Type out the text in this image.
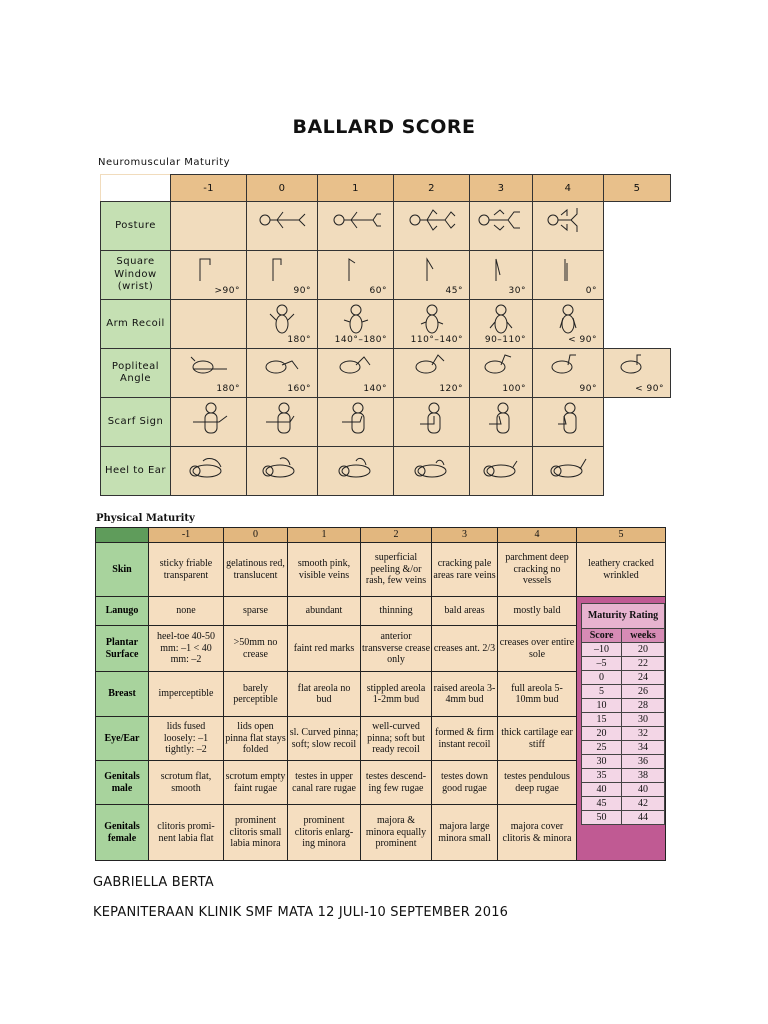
BALLARD SCORE
Neuromuscular Maturity
	-1	0	1	2	3	4	5
Posture		

Square Window (wrist)	>90°	90°	60°	45°	30°	0°	

Arm Recoil		180°	140°–180°	110°–140°	90–110°	< 90°	

Popliteal Angle	180°	160°	140°	120°	100°	90°	< 90°

Scarf Sign	

Heel to Ear	

Physical Maturity
	-1	0	1	2	3	4	5
Skin	sticky friable transparent	gelatinous red, translucent	smooth pink, visible veins	superficial peeling &/or rash, few veins	cracking pale areas rare veins	parchment deep cracking no vessels	leathery cracked wrinkled
Lanugo	none	sparse	abundant	thinning	bald areas	mostly bald		Maturity Rating
Score	weeks
–10	20
–5	22
0	24
5	26
10	28
15	30
20	32
25	34
30	36
35	38
40	40
45	42
50	44

Plantar Surface	heel-toe 40-50 mm: –1 < 40 mm: –2	>50mm no crease	faint red marks	anterior transverse crease only	creases ant. 2/3	creases over entire sole
Breast	imperceptible	barely perceptible	flat areola no bud	stippled areola 1-2mm bud	raised areola 3-4mm bud	full areola 5-10mm bud
Eye/Ear	lids fused loosely: –1 tightly: –2	lids open pinna flat stays folded	sl. Curved pinna; soft; slow recoil	well-curved pinna; soft but ready recoil	formed & firm instant recoil	thick cartilage ear stiff
Genitals male	scrotum flat, smooth	scrotum empty faint rugae	testes in upper canal rare rugae	testes descend-ing few rugae	testes down good rugae	testes pendulous deep rugae
Genitals female	clitoris promi-nent labia flat	prominent clitoris small labia minora	prominent clitoris enlarg-ing minora	majora & minora equally prominent	majora large minora small	majora cover clitoris & minora
GABRIELLA BERTA
KEPANITERAAN KLINIK SMF MATA 12 JULI-10 SEPTEMBER 2016
